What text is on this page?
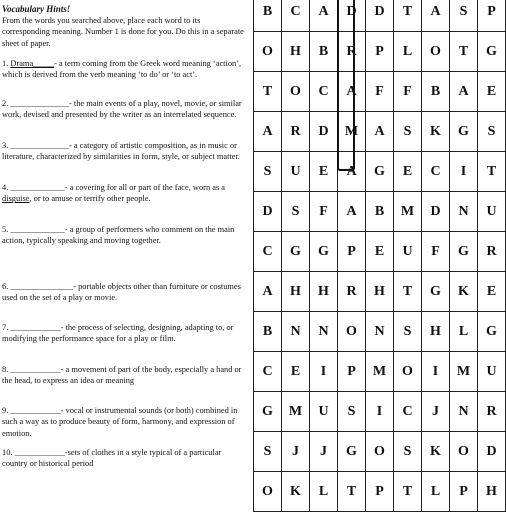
Vocabulary Hints!
From the words you searched above, place each word to its corresponding meaning. Number 1 is done for you. Do this in a separate sheet of paper.
1. Drama_____- a term coming from the Greek word meaning ‘action’, which is derived from the verb meaning ‘to do’ or ‘to act’.
2. ______________- the main events of a play, novel, movie, or similar work, devised and presented by the writer as an interrelated sequence.
3. ______________- a category of artistic composition, as in music or literature, characterized by similarities in form, style, or subject matter.
4. _____________- a covering for all or part of the face, worn as a disguise, or to amuse or terrify other people.
5. _____________- a group of performers who comment on the main action, typically speaking and moving together.
6. _______________- portable objects other than furniture or costumes used on the set of a play or movie.
7. ____________- the process of selecting, designing, adapting to, or modifying the performance space for a play or film.
8. ____________- a movement of part of the body, especially a hand or the head, to express an idea or meaning
9. ____________- vocal or instrumental sounds (or both) combined in such a way as to produce beauty of form, harmony, and expression of emotion.
10. ____________-sets of clothes in a style typical of a particular country or historical period
B	C	A	D	D	T	A	S	P
O	H	B	R	P	L	O	T	G
T	O	C	A	F	F	B	A	E
A	R	D	M	A	S	K	G	S
S	U	E	A	G	E	C	I	T
D	S	F	A	B	M	D	N	U
C	G	G	P	E	U	F	G	R
A	H	H	R	H	T	G	K	E
B	N	N	O	N	S	H	L	G
C	E	I	P	M	O	I	M	U
G	M	U	S	I	C	J	N	R
S	J	J	G	O	S	K	O	D
O	K	L	T	P	T	L	P	H
